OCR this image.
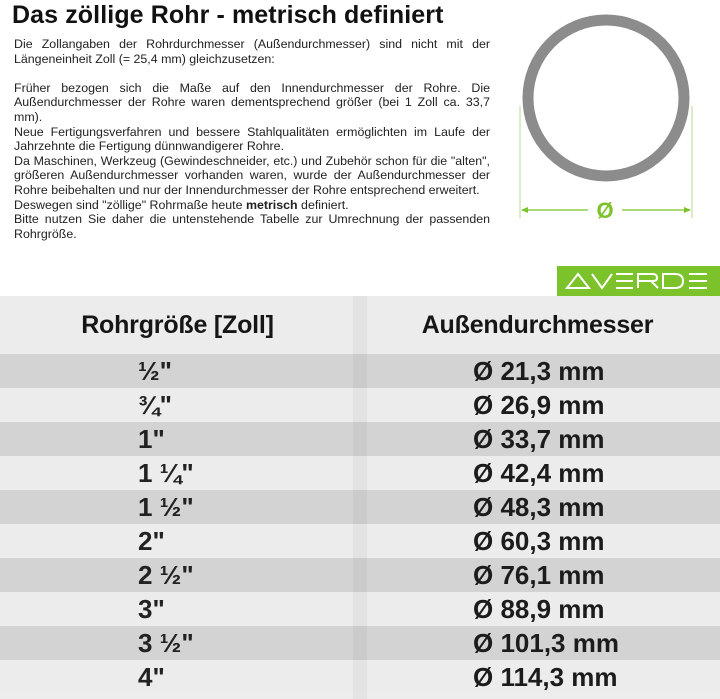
Das zöllige Rohr - metrisch definiert

Die Zollangaben der Rohrdurchmesser (Außendurchmesser) sind nicht mit der Längeneinheit Zoll (= 25,4 mm) gleichzusetzen:

Früher bezogen sich die Maße auf den Innendurchmesser der Rohre. Die Außendurchmesser der Rohre waren dementsprechend größer (bei 1 Zoll ca. 33,7 mm).

Neue Fertigungsverfahren und bessere Stahlqualitäten ermöglichten im Laufe der Jahrzehnte die Fertigung dünnwandigerer Rohre.

Da Maschinen, Werkzeug (Gewindeschneider, etc.) und Zubehör schon für die "alten", größeren Außendurchmesser vorhanden waren, wurde der Außendurchmesser der Rohre beibehalten und nur der Innendurchmesser der Rohre entsprechend erweitert.

Deswegen sind "zöllige" Rohrmaße heute metrisch definiert.

Bitte nutzen Sie daher die untenstehende Tabelle zur Umrechnung der passenden Rohrgröße.

Ø
Rohrgröße [Zoll]	Außendurchmesser
½"	Ø 21,3 mm
¾"	Ø 26,9 mm
1"	Ø 33,7 mm
1 ¼"	Ø 42,4 mm
1 ½"	Ø 48,3 mm
2"	Ø 60,3 mm
2 ½"	Ø 76,1 mm
3"	Ø 88,9 mm
3 ½"	Ø 101,3 mm
4"	Ø 114,3 mm
